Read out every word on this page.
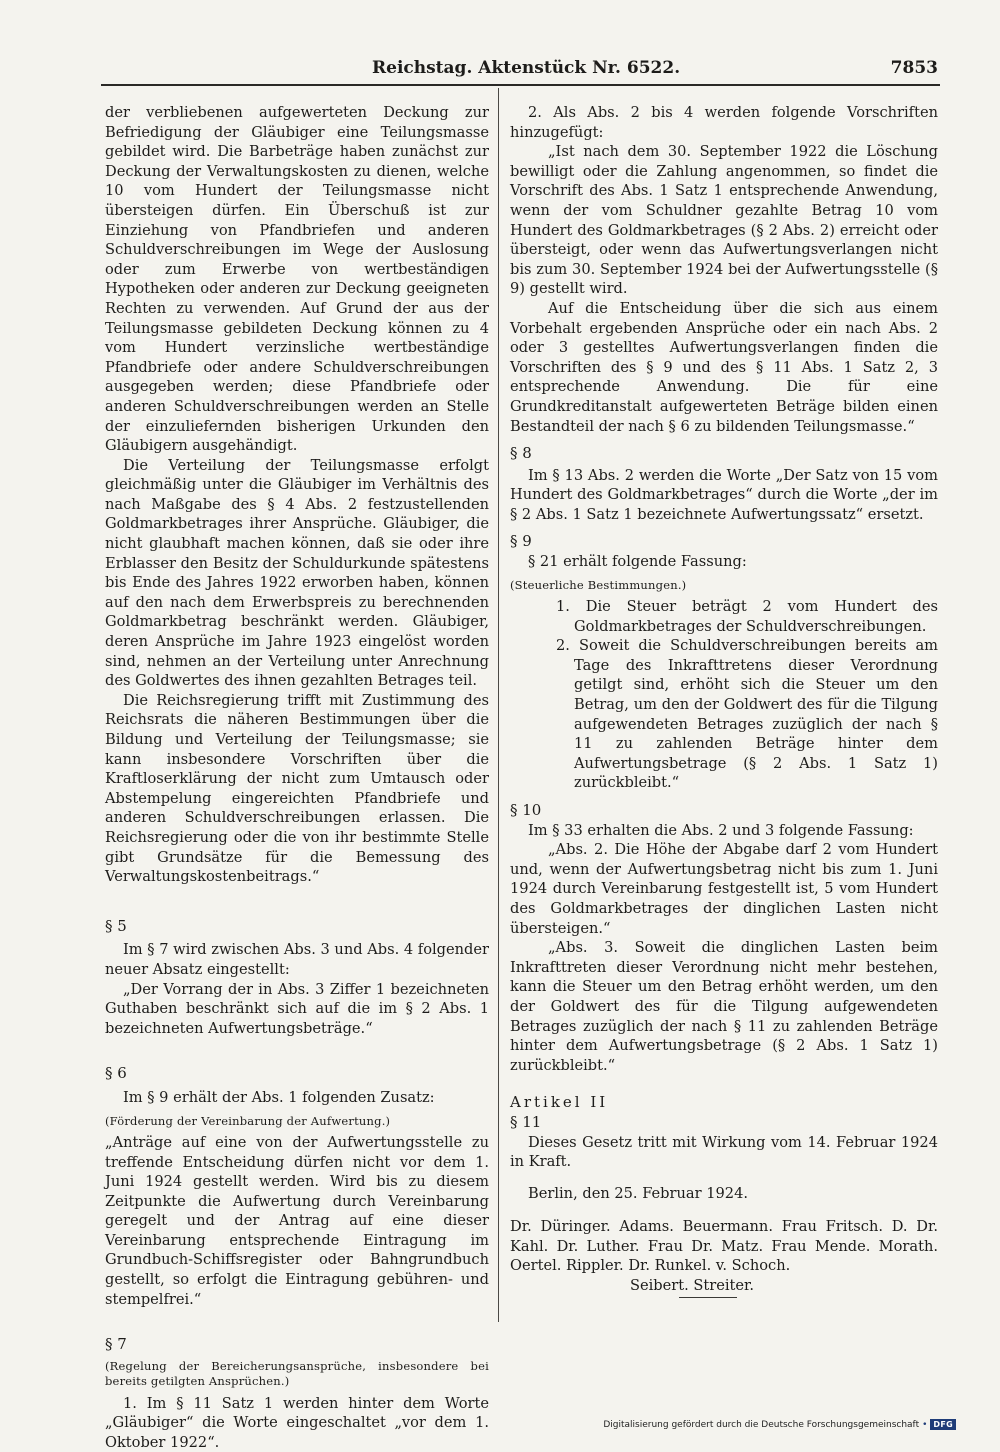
Reichstag. Aktenstück Nr. 6522.	7853

der verbliebenen aufgewerteten Deckung zur Befriedigung der Gläubiger eine Teilungsmasse gebildet wird. Die Barbeträge haben zunächst zur Deckung der Verwaltungskosten zu dienen, welche 10 vom Hundert der Teilungsmasse nicht übersteigen dürfen. Ein Überschuß ist zur Einziehung von Pfandbriefen und anderen Schuldverschreibungen im Wege der Auslosung oder zum Erwerbe von wertbeständigen Hypotheken oder anderen zur Deckung geeigneten Rechten zu verwenden. Auf Grund der aus der Teilungsmasse gebildeten Deckung können zu 4 vom Hundert verzinsliche wertbeständige Pfandbriefe oder andere Schuldverschreibungen ausgegeben werden; diese Pfandbriefe oder anderen Schuldverschreibungen werden an Stelle der einzuliefernden bisherigen Urkunden den Gläubigern ausgehändigt.

Die Verteilung der Teilungsmasse erfolgt gleichmäßig unter die Gläubiger im Verhältnis des nach Maßgabe des § 4 Abs. 2 festzustellenden Goldmarkbetrages ihrer Ansprüche. Gläubiger, die nicht glaubhaft machen können, daß sie oder ihre Erblasser den Besitz der Schuldurkunde spätestens bis Ende des Jahres 1922 erworben haben, können auf den nach dem Erwerbspreis zu berechnenden Goldmarkbetrag beschränkt werden. Gläubiger, deren Ansprüche im Jahre 1923 eingelöst worden sind, nehmen an der Verteilung unter Anrechnung des Goldwertes des ihnen gezahlten Betrages teil.

Die Reichsregierung trifft mit Zustimmung des Reichsrats die näheren Bestimmungen über die Bildung und Verteilung der Teilungsmasse; sie kann insbesondere Vorschriften über die Kraftloserklärung der nicht zum Umtausch oder Abstempelung eingereichten Pfandbriefe und anderen Schuldverschreibungen erlassen. Die Reichsregierung oder die von ihr bestimmte Stelle gibt Grundsätze für die Bemessung des Verwaltungskostenbeitrags.“

§ 5

Im § 7 wird zwischen Abs. 3 und Abs. 4 folgender neuer Absatz eingestellt:

„Der Vorrang der in Abs. 3 Ziffer 1 bezeichneten Guthaben beschränkt sich auf die im § 2 Abs. 1 bezeichneten Aufwertungsbeträge.“

§ 6

Im § 9 erhält der Abs. 1 folgenden Zusatz:

(Förderung der Vereinbarung der Aufwertung.)

„Anträge auf eine von der Aufwertungsstelle zu treffende Entscheidung dürfen nicht vor dem 1. Juni 1924 gestellt werden. Wird bis zu diesem Zeitpunkte die Aufwertung durch Vereinbarung geregelt und der Antrag auf eine dieser Vereinbarung entsprechende Eintragung im Grundbuch-Schiffsregister oder Bahngrundbuch gestellt, so erfolgt die Eintragung gebühren- und stempelfrei.“

§ 7

(Regelung der Bereicherungsansprüche, insbesondere bei bereits getilgten Ansprüchen.)

1. Im § 11 Satz 1 werden hinter dem Worte „Gläubiger“ die Worte eingeschaltet „vor dem 1. Oktober 1922“.

2. Als Abs. 2 bis 4 werden folgende Vorschriften hinzugefügt:

„Ist nach dem 30. September 1922 die Löschung bewilligt oder die Zahlung angenommen, so findet die Vorschrift des Abs. 1 Satz 1 entsprechende Anwendung, wenn der vom Schuldner gezahlte Betrag 10 vom Hundert des Goldmarkbetrages (§ 2 Abs. 2) erreicht oder übersteigt, oder wenn das Aufwertungsverlangen nicht bis zum 30. September 1924 bei der Aufwertungsstelle (§ 9) gestellt wird.

Auf die Entscheidung über die sich aus einem Vorbehalt ergebenden Ansprüche oder ein nach Abs. 2 oder 3 gestelltes Aufwertungsverlangen finden die Vorschriften des § 9 und des § 11 Abs. 1 Satz 2, 3 entsprechende Anwendung. Die für eine Grundkreditanstalt aufgewerteten Beträge bilden einen Bestandteil der nach § 6 zu bildenden Teilungsmasse.“

§ 8

Im § 13 Abs. 2 werden die Worte „Der Satz von 15 vom Hundert des Goldmarkbetrages“ durch die Worte „der im § 2 Abs. 1 Satz 1 bezeichnete Aufwertungssatz“ ersetzt.

§ 9

§ 21 erhält folgende Fassung:

(Steuerliche Bestimmungen.)

1. Die Steuer beträgt 2 vom Hundert des Goldmarkbetrages der Schuldverschreibungen.

2. Soweit die Schuldverschreibungen bereits am Tage des Inkrafttretens dieser Verordnung getilgt sind, erhöht sich die Steuer um den Betrag, um den der Goldwert des für die Tilgung aufgewendeten Betrages zuzüglich der nach § 11 zu zahlenden Beträge hinter dem Aufwertungsbetrage (§ 2 Abs. 1 Satz 1) zurückbleibt.“

§ 10

Im § 33 erhalten die Abs. 2 und 3 folgende Fassung:

„Abs. 2. Die Höhe der Abgabe darf 2 vom Hundert und, wenn der Aufwertungsbetrag nicht bis zum 1. Juni 1924 durch Vereinbarung festgestellt ist, 5 vom Hundert des Goldmarkbetrages der dinglichen Lasten nicht übersteigen.“

„Abs. 3. Soweit die dinglichen Lasten beim Inkrafttreten dieser Verordnung nicht mehr bestehen, kann die Steuer um den Betrag erhöht werden, um den der Goldwert des für die Tilgung aufgewendeten Betrages zuzüglich der nach § 11 zu zahlenden Beträge hinter dem Aufwertungsbetrage (§ 2 Abs. 1 Satz 1) zurückbleibt.“

Artikel II

§ 11

Dieses Gesetz tritt mit Wirkung vom 14. Februar 1924 in Kraft.

Berlin, den 25. Februar 1924.

Dr. Düringer. Adams. Beuermann. Frau Fritsch. D. Dr. Kahl. Dr. Luther. Frau Dr. Matz. Frau Mende. Morath. Oertel. Rippler. Dr. Runkel. v. Schoch.

Seibert. Streiter.

Digitalisierung gefördert durch die Deutsche Forschungsgemeinschaft • DFG
